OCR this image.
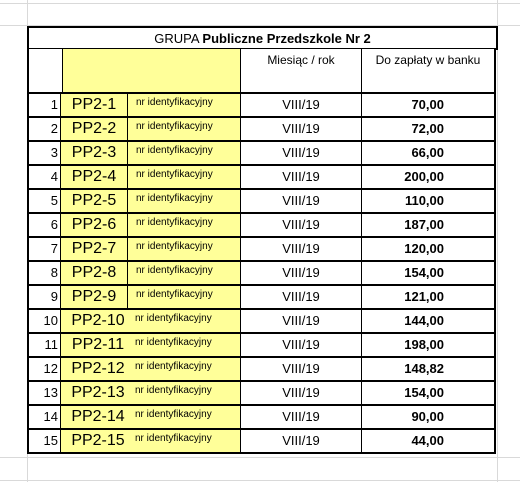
GRUPA Publiczne Przedszkole Nr 2
Miesiąc / rok	Do zapłaty w banku
1 PP2-1	nr identyfikacyjny	VIII/19	70,00
2 PP2-2	nr identyfikacyjny	VIII/19	72,00
3 PP2-3	nr identyfikacyjny	VIII/19	66,00
4 PP2-4	nr identyfikacyjny	VIII/19	200,00
5 PP2-5	nr identyfikacyjny	VIII/19	110,00
6 PP2-6	nr identyfikacyjny	VIII/19	187,00
7 PP2-7	nr identyfikacyjny	VIII/19	120,00
8 PP2-8	nr identyfikacyjny	VIII/19	154,00
9 PP2-9	nr identyfikacyjny	VIII/19	121,00
10 PP2-10	nr identyfikacyjny	VIII/19	144,00
11 PP2-11	nr identyfikacyjny	VIII/19	198,00
12 PP2-12	nr identyfikacyjny	VIII/19	148,82
13 PP2-13	nr identyfikacyjny	VIII/19	154,00
14 PP2-14	nr identyfikacyjny	VIII/19	90,00
15 PP2-15	nr identyfikacyjny	VIII/19	44,00
